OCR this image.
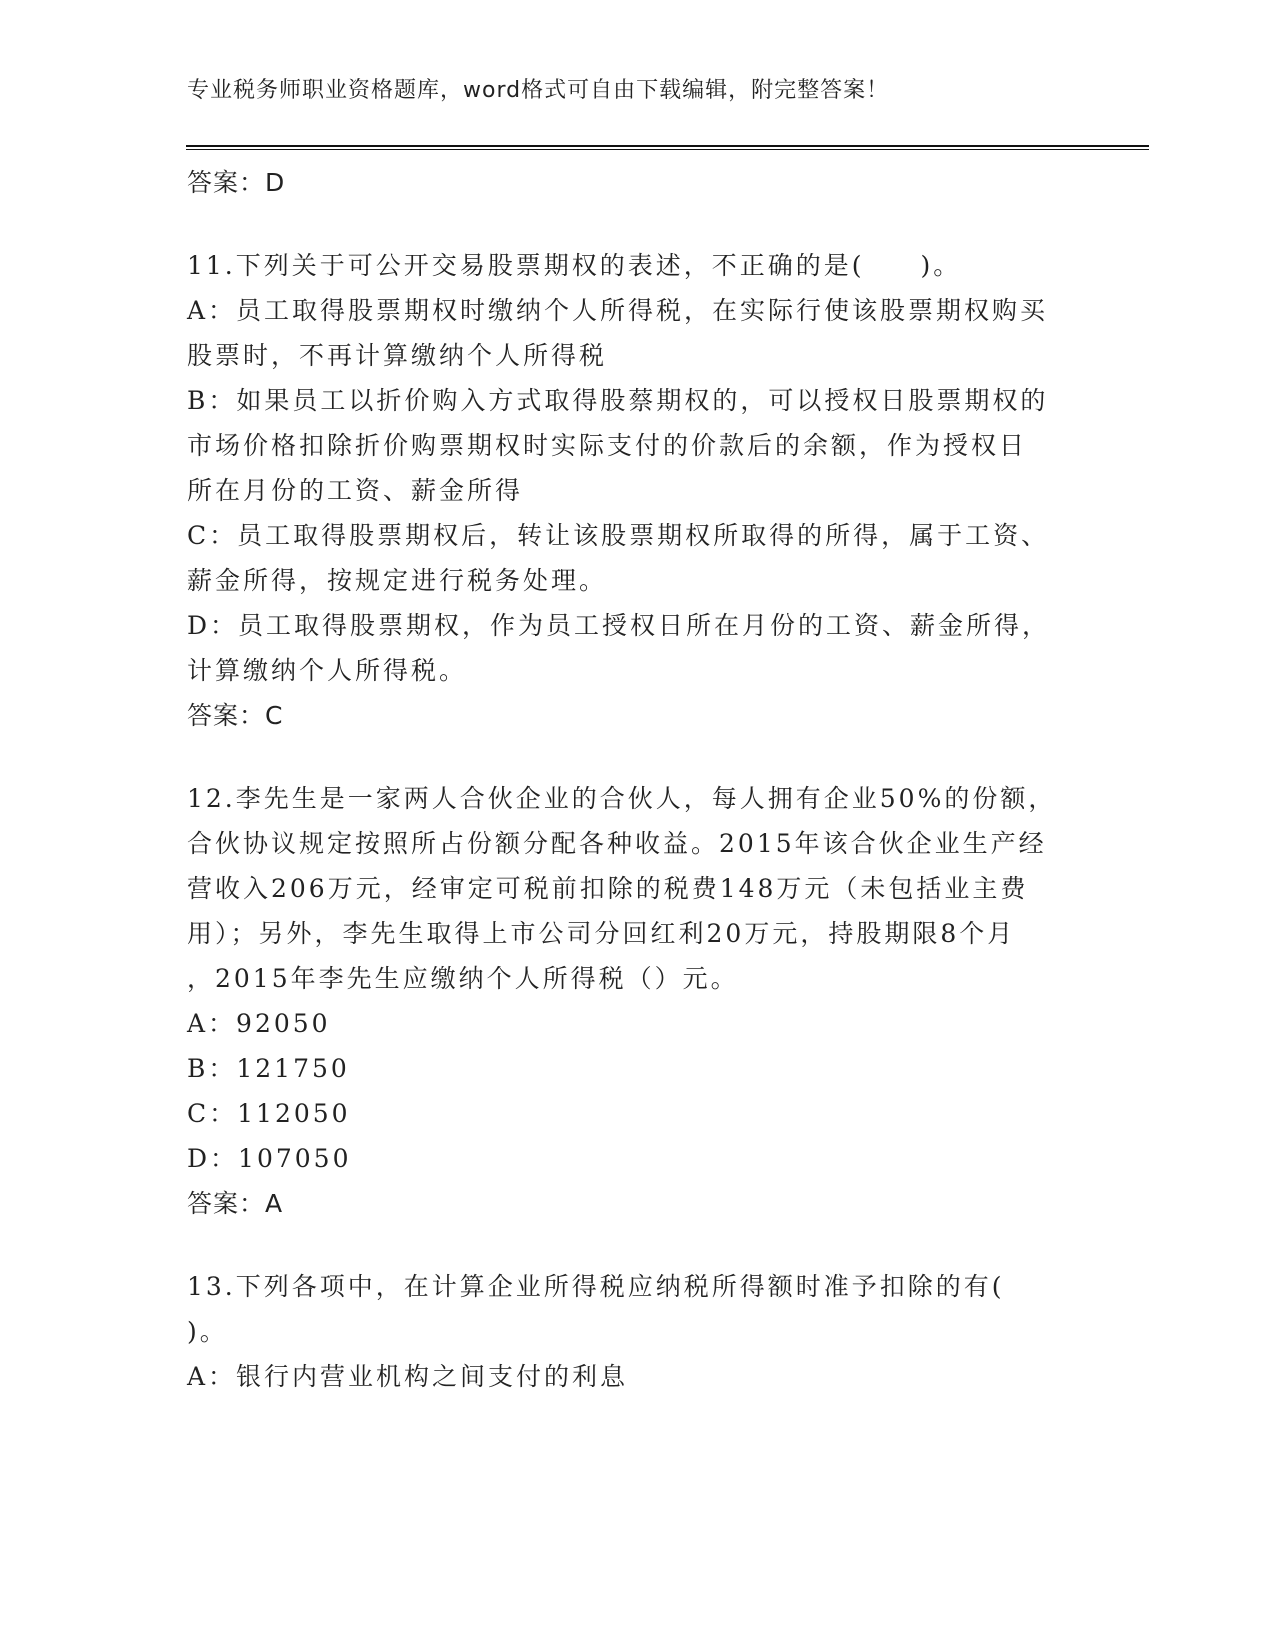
专业税务师职业资格题库，word格式可自由下载编辑，附完整答案！

答案：D

11.下列关于可公开交易股票期权的表述，不正确的是(　　)。

A：员工取得股票期权时缴纳个人所得税，在实际行使该股票期权购买

股票时，不再计算缴纳个人所得税

B：如果员工以折价购入方式取得股蔡期权的，可以授权日股票期权的

市场价格扣除折价购票期权时实际支付的价款后的余额，作为授权日

所在月份的工资、薪金所得

C：员工取得股票期权后，转让该股票期权所取得的所得，属于工资、

薪金所得，按规定进行税务处理。

D：员工取得股票期权，作为员工授权日所在月份的工资、薪金所得，

计算缴纳个人所得税。

答案：C

12.李先生是一家两人合伙企业的合伙人，每人拥有企业50%的份额，

合伙协议规定按照所占份额分配各种收益。2015年该合伙企业生产经

营收入206万元，经审定可税前扣除的税费148万元（未包括业主费

用）；另外，李先生取得上市公司分回红利20万元，持股期限8个月

，2015年李先生应缴纳个人所得税（）元。

A：92050

B：121750

C：112050

D：107050

答案：A

13.下列各项中，在计算企业所得税应纳税所得额时准予扣除的有(

)。

A：银行内营业机构之间支付的利息
